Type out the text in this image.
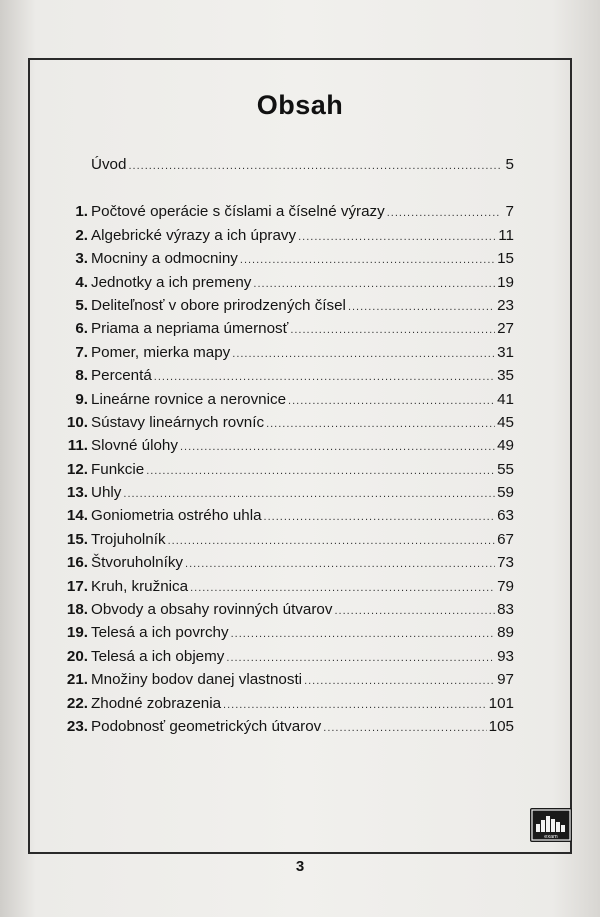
Obsah
Úvod .....	5
1. Počtové operácie s číslami a číselné výrazy .....	7
2. Algebrické výrazy a ich úpravy .....	11
3. Mocniny a odmocniny .....	15
4. Jednotky a ich premeny .....	19
5. Deliteľnosť v obore prirodzených čísel .....	23
6. Priama a nepriama úmernosť .....	27
7. Pomer, mierka mapy .....	31
8. Percentá .....	35
9. Lineárne rovnice a nerovnice .....	41
10. Sústavy lineárnych rovníc .....	45
11. Slovné úlohy .....	49
12. Funkcie .....	55
13. Uhly .....	59
14. Goniometria ostrého uhla .....	63
15. Trojuholník .....	67
16. Štvoruholníky .....	73
17. Kruh, kružnica .....	79
18. Obvody a obsahy rovinných útvarov .....	83
19. Telesá a ich povrchy .....	89
20. Telesá a ich objemy .....	93
21. Množiny bodov danej vlastnosti .....	97
22. Zhodné zobrazenia .....	101
23. Podobnosť geometrických útvarov .....	105
3
exam
